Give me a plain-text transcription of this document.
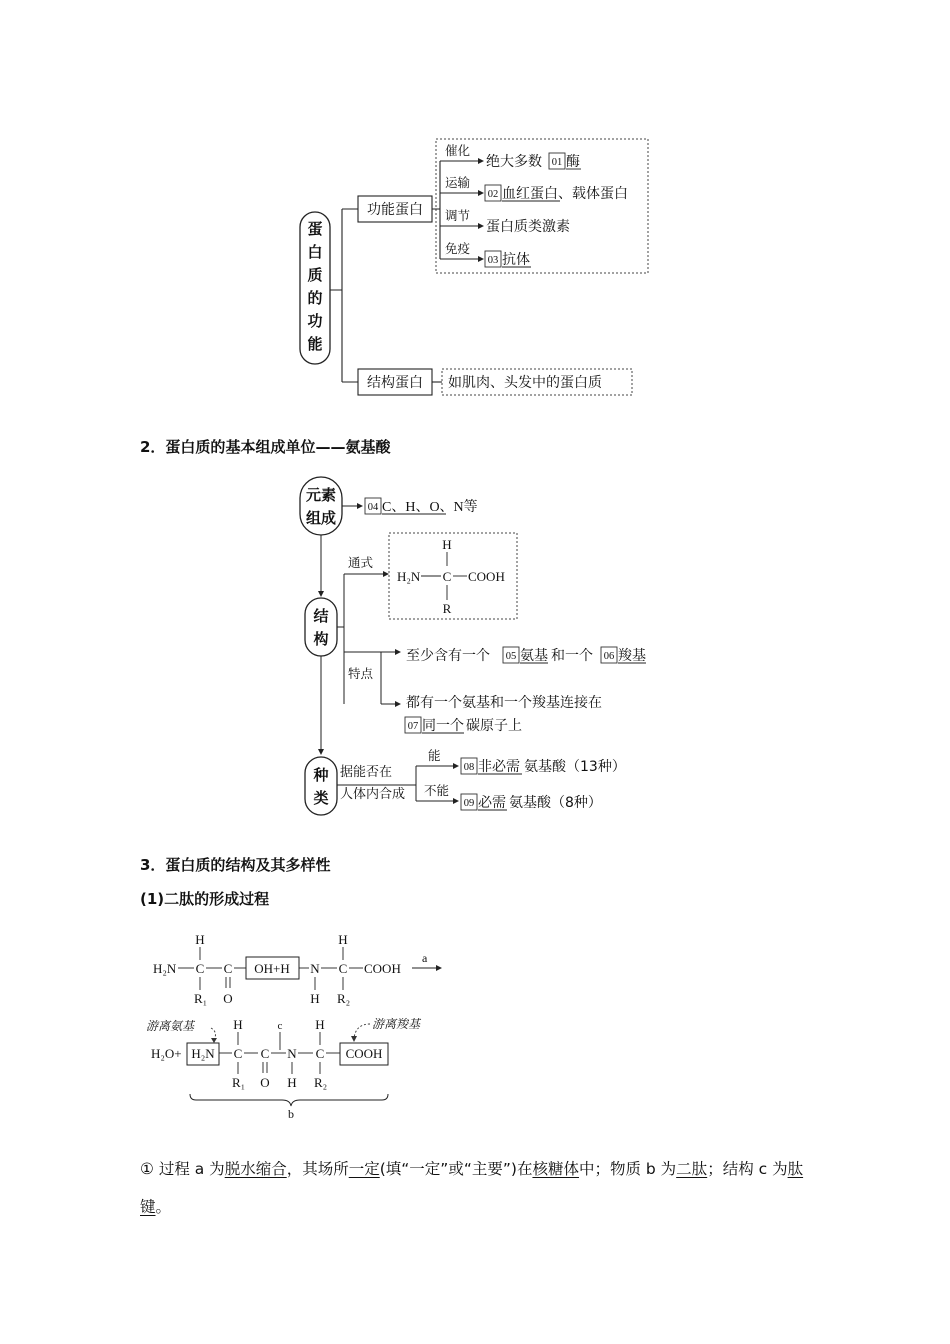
蛋
白
质
的
功
能
功能蛋白
催化
运输
调节
免疫
绝大多数 01 酶
02 血红蛋白、载体蛋白
蛋白质类激素
03 抗体
结构蛋白 如肌肉、头发中的蛋白质
2．蛋白质的基本组成单位——氨基酸
元素
组成
04 C、H、O、N等
结
构
通式
H
H₂N C COOH
R
特点
至少含有一个 05 氨基 和一个 06 羧基
都有一个氨基和一个羧基连接在
07 同一个 碳原子上
种
类
据能否在
人体内合成
能
不能
08 非必需 氨基酸（13种）
09 必需 氨基酸（8种）
3．蛋白质的结构及其多样性
(1)二肽的形成过程
H
H₂N C C OH+H N
H
C COOH
a
R₁ O	H R₂
游离氨基	游离羧基
H₂O+ H₂N
H
C C
c
N
H
C COOH
R₁ O H R₂
b
① 过程 a 为脱水缩合，其场所一定(填“一定”或“主要”)在核糖体中；物质 b 为二肽；结构 c 为肽键。
